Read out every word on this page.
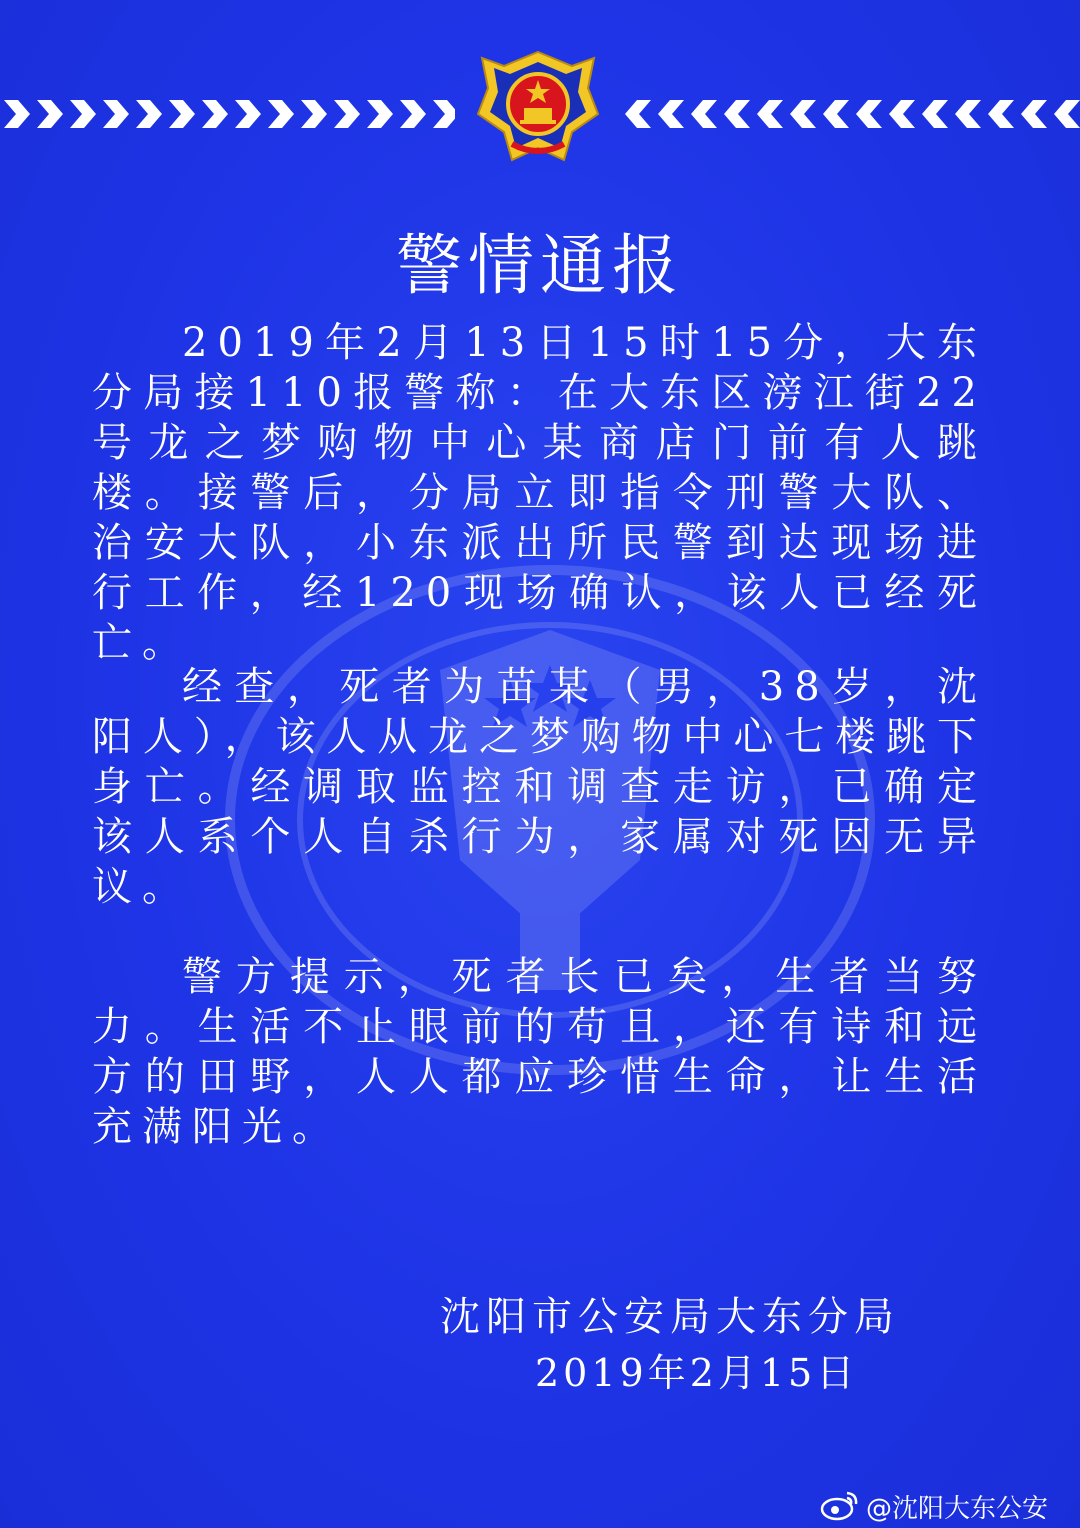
警情通报

2019年2月13日15时15分，大东分局接110报警称：在大东区滂江街22号龙之梦购物中心某商店门前有人跳楼。接警后，分局立即指令刑警大队、治安大队，小东派出所民警到达现场进行工作，经120现场确认，该人已经死亡。

经查，死者为苗某（男，38岁，沈阳人），该人从龙之梦购物中心七楼跳下身亡。经调取监控和调查走访，已确定该人系个人自杀行为，家属对死因无异议。

警方提示，死者长已矣，生者当努力。生活不止眼前的苟且，还有诗和远方的田野，人人都应珍惜生命，让生活充满阳光。

沈阳市公安局大东分局
2019年2月15日
@沈阳大东公安
